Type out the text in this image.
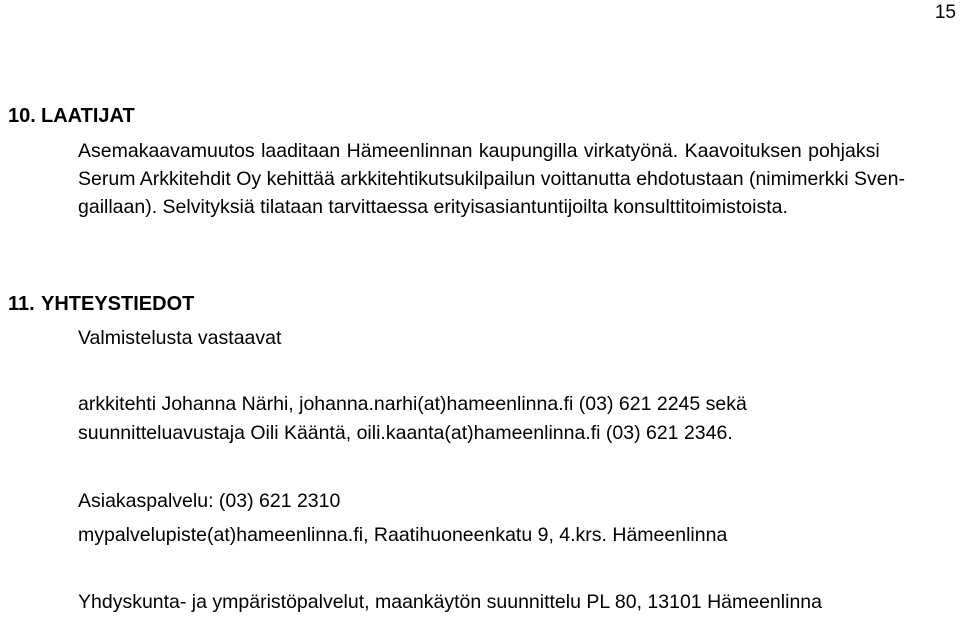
15
10. LAATIJAT

Asemakaavamuutos laaditaan Hämeenlinnan kaupungilla virkatyönä. Kaavoituksen pohjaksi

Serum Arkkitehdit Oy kehittää arkkitehtikutsukilpailun voittanutta ehdotustaan (nimimerkki Sven-

gaillaan). Selvityksiä tilataan tarvittaessa erityisasiantuntijoilta konsulttitoimistoista.

11. YHTEYSTIEDOT

Valmistelusta vastaavat

arkkitehti Johanna Närhi, johanna.narhi(at)hameenlinna.fi (03) 621 2245 sekä

suunnitteluavustaja Oili Kääntä, oili.kaanta(at)hameenlinna.fi (03) 621 2346.

Asiakaspalvelu: (03) 621 2310

mypalvelupiste(at)hameenlinna.fi, Raatihuoneenkatu 9, 4.krs. Hämeenlinna

Yhdyskunta- ja ympäristöpalvelut, maankäytön suunnittelu PL 80, 13101 Hämeenlinna
